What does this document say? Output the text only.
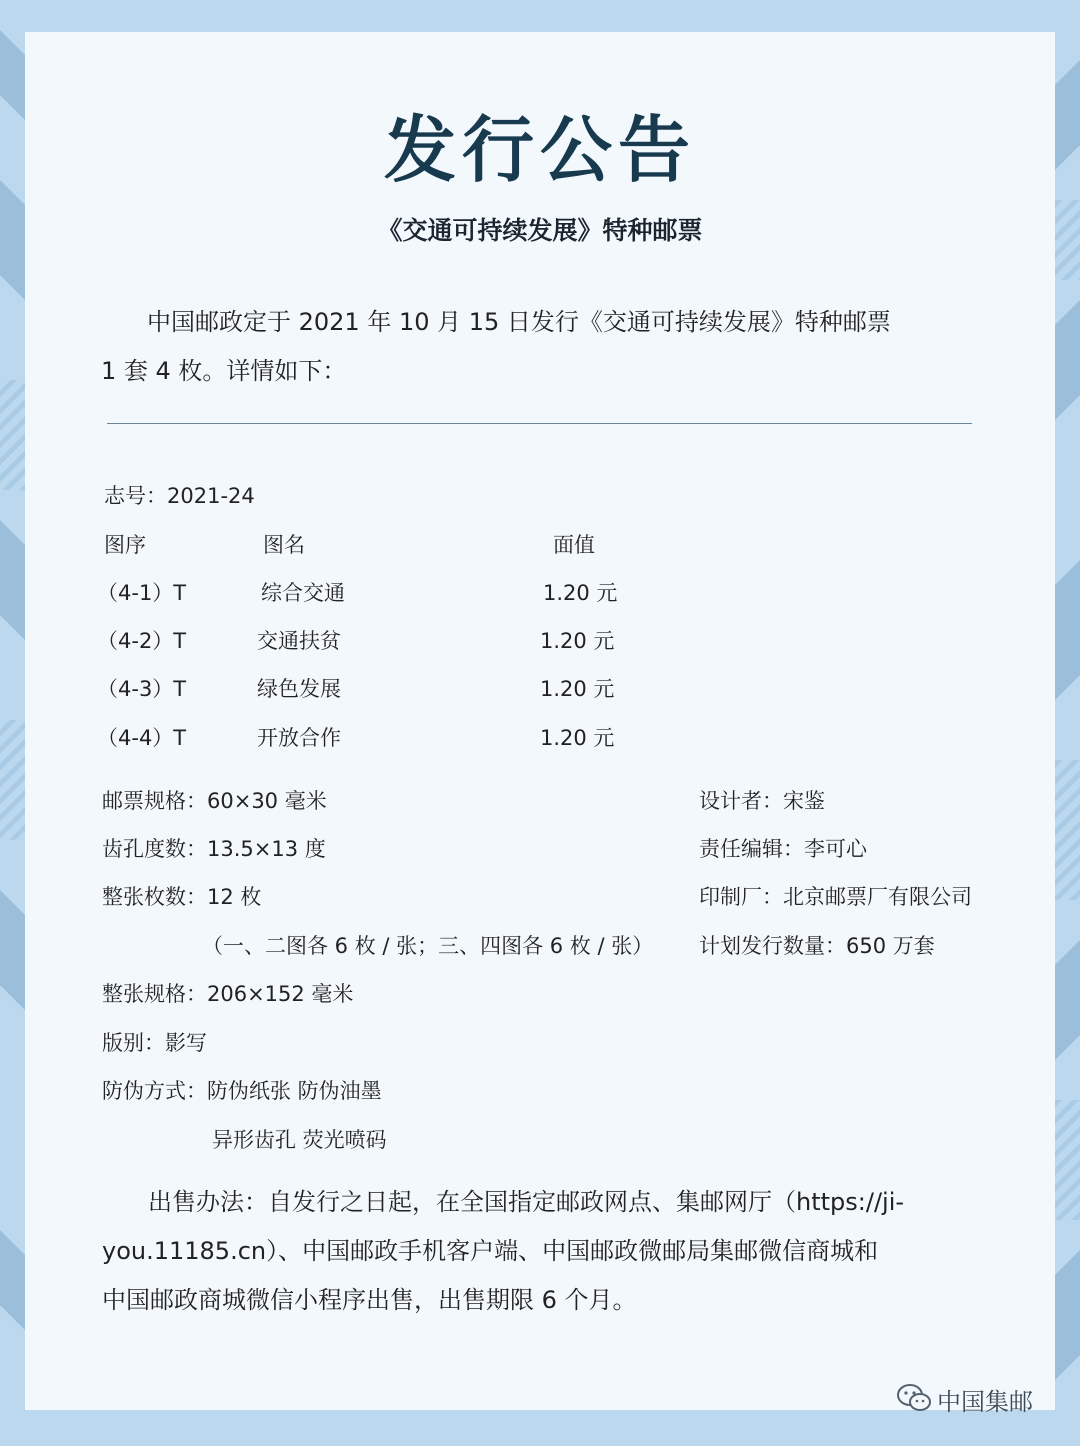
发行公告
《交通可持续发展》特种邮票
中国邮政定于 2021 年 10 月 15 日发行《交通可持续发展》特种邮票
1 套 4 枚。详情如下：
志号：2021-24
图序	图名	面值
（4-1）T	综合交通	1.20 元
（4-2）T	交通扶贫	1.20 元
（4-3）T	绿色发展	1.20 元
（4-4）T	开放合作	1.20 元
邮票规格：60×30 毫米
齿孔度数：13.5×13 度
整张枚数：12 枚
（一、二图各 6 枚 / 张；三、四图各 6 枚 / 张）
整张规格：206×152 毫米
版别：影写
防伪方式：防伪纸张 防伪油墨
异形齿孔 荧光喷码
设计者：宋鉴
责任编辑：李可心
印制厂：北京邮票厂有限公司
计划发行数量：650 万套
出售办法：自发行之日起，在全国指定邮政网点、集邮网厅（https://ji-
you.11185.cn）、中国邮政手机客户端、中国邮政微邮局集邮微信商城和
中国邮政商城微信小程序出售，出售期限 6 个月。
中国集邮
